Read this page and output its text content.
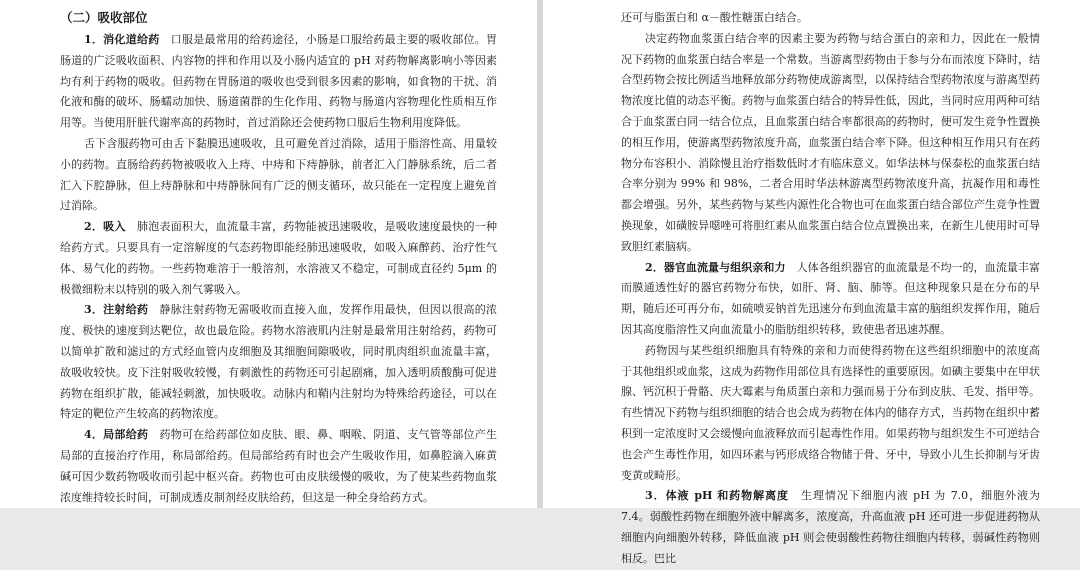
（二）吸收部位

1．消化道给药　 口服是最常用的给药途径，小肠是口服给药最主要的吸收部位。胃肠道的广泛吸收面积、内容物的拌和作用以及小肠内适宜的 pH 对药物解离影响小等因素均有利于药物的吸收。但药物在胃肠道的吸收也受到很多因素的影响，如食物的干扰、消化液和酶的破坏、肠蠕动加快、肠道菌群的生化作用、药物与肠道内容物理化性质相互作用等。当使用肝脏代谢率高的药物时，首过消除还会使药物口服后生物利用度降低。

舌下含服药物可由舌下黏膜迅速吸收，且可避免首过消除，适用于脂溶性高、用量较小的药物。直肠给药药物被吸收入上痔、中痔和下痔静脉，前者汇入门静脉系统，后二者汇入下腔静脉，但上痔静脉和中痔静脉间有广泛的侧支循环，故只能在一定程度上避免首过消除。

2．吸入　 肺泡表面积大，血流量丰富，药物能被迅速吸收，是吸收速度最快的一种给药方式。只要具有一定溶解度的气态药物即能经肺迅速吸收，如吸入麻醉药、治疗性气体、易气化的药物。一些药物难溶于一般溶剂，水溶液又不稳定，可制成直径约 5μm 的极微细粉末以特别的吸入剂气雾吸入。

3．注射给药　 静脉注射药物无需吸收而直接入血，发挥作用最快，但因以很高的浓度、极快的速度到达靶位，故也最危险。药物水溶液肌内注射是最常用注射给药，药物可以简单扩散和滤过的方式经血管内皮细胞及其细胞间隙吸收，同时肌肉组织血流量丰富，故吸收较快。皮下注射吸收较慢，有刺激性的药物还可引起剧痛，加入透明质酸酶可促进药物在组织扩散，能减轻刺激，加快吸收。动脉内和鞘内注射均为特殊给药途径，可以在特定的靶位产生较高的药物浓度。

4．局部给药　 药物可在给药部位如皮肤、眼、鼻、咽喉、阴道、支气管等部位产生局部的直接治疗作用，称局部给药。但局部给药有时也会产生吸收作用，如鼻腔滴入麻黄碱可因少数药物吸收而引起中枢兴奋。药物也可由皮肤缓慢的吸收，为了使某些药物血浆浓度维持较长时间，可制成透皮制剂经皮肤给药，但这是一种全身给药方式。

还可与脂蛋白和 α－酸性糖蛋白结合。

决定药物血浆蛋白结合率的因素主要为药物与结合蛋白的亲和力，因此在一般情况下药物的血浆蛋白结合率是一个常数。当游离型药物由于参与分布而浓度下降时，结合型药物会按比例适当地释放部分药物使成游离型，以保持结合型药物浓度与游离型药物浓度比值的动态平衡。药物与血浆蛋白结合的特异性低，因此，当同时应用两种可结合于血浆蛋白同一结合位点，且血浆蛋白结合率都很高的药物时，便可发生竞争性置换的相互作用，使游离型药物浓度升高，血浆蛋白结合率下降。但这种相互作用只有在药物分布容积小、消除慢且治疗指数低时才有临床意义。如华法林与保泰松的血浆蛋白结合率分别为 99% 和 98%，二者合用时华法林游离型药物浓度升高，抗凝作用和毒性都会增强。另外，某些药物与某些内源性化合物也可在血浆蛋白结合部位产生竞争性置换现象，如磺胺异噁唑可将胆红素从血浆蛋白结合位点置换出来，在新生儿使用时可导致胆红素脑病。

2．器官血流量与组织亲和力　 人体各组织器官的血流量是不均一的，血流量丰富而膜通透性好的器官药物分布快，如肝、肾、脑、肺等。但这种现象只是在分布的早期，随后还可再分布，如硫喷妥钠首先迅速分布到血流量丰富的脑组织发挥作用，随后因其高度脂溶性又向血流量小的脂肪组织转移，致使患者迅速苏醒。

药物因与某些组织细胞具有特殊的亲和力而使得药物在这些组织细胞中的浓度高于其他组织或血浆，这成为药物作用部位具有选择性的重要原因。如碘主要集中在甲状腺、钙沉积于骨骼、庆大霉素与角质蛋白亲和力强而易于分布到皮肤、毛发、指甲等。有些情况下药物与组织细胞的结合也会成为药物在体内的储存方式，当药物在组织中蓄积到一定浓度时又会缓慢向血液释放而引起毒性作用。如果药物与组织发生不可逆结合也会产生毒性作用，如四环素与钙形成络合物储于骨、牙中，导致小儿生长抑制与牙齿变黄或畸形。

3．体液 pH 和药物解离度　 生理情况下细胞内液 pH 为 7.0，细胞外液为 7.4。弱酸性药物在细胞外液中解离多，浓度高，升高血液 pH 还可进一步促进药物从细胞内向细胞外转移，降低血液 pH 则会使弱酸性药物往细胞内转移，弱碱性药物则相反。巴比
